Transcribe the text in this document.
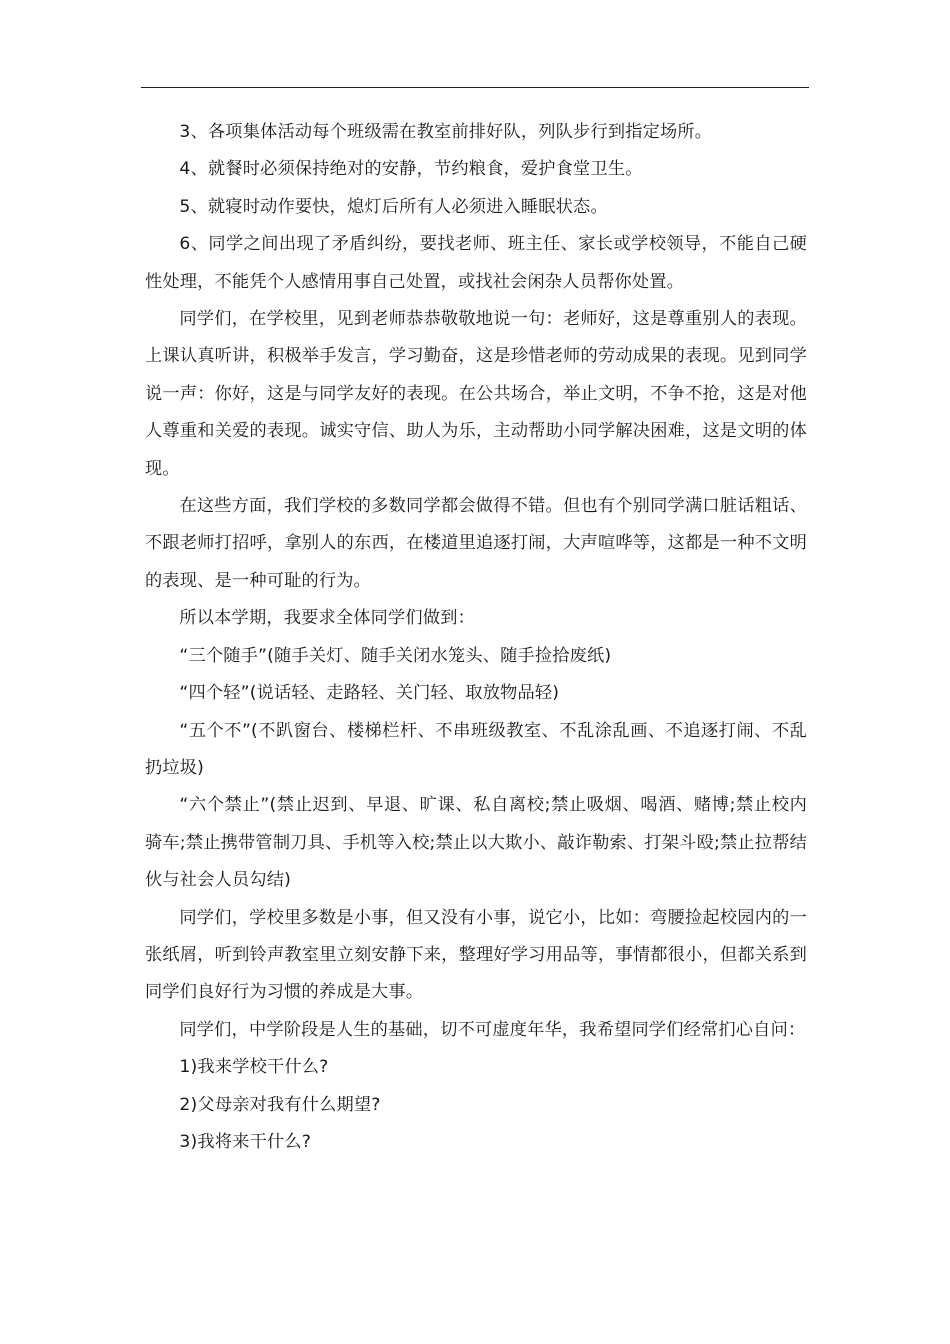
3、各项集体活动每个班级需在教室前排好队，列队步行到指定场所。

4、就餐时必须保持绝对的安静，节约粮食，爱护食堂卫生。

5、就寝时动作要快，熄灯后所有人必须进入睡眠状态。

6、同学之间出现了矛盾纠纷，要找老师、班主任、家长或学校领导，不能自己硬性处理，不能凭个人感情用事自己处置，或找社会闲杂人员帮你处置。

同学们，在学校里，见到老师恭恭敬敬地说一句：老师好，这是尊重别人的表现。上课认真听讲，积极举手发言，学习勤奋，这是珍惜老师的劳动成果的表现。见到同学说一声：你好，这是与同学友好的表现。在公共场合，举止文明，不争不抢，这是对他人尊重和关爱的表现。诚实守信、助人为乐，主动帮助小同学解决困难，这是文明的体现。

在这些方面，我们学校的多数同学都会做得不错。但也有个别同学满口脏话粗话、不跟老师打招呼，拿别人的东西，在楼道里追逐打闹，大声喧哗等，这都是一种不文明的表现、是一种可耻的行为。

所以本学期，我要求全体同学们做到：

“三个随手”(随手关灯、随手关闭水笼头、随手捡拾废纸)

“四个轻”(说话轻、走路轻、关门轻、取放物品轻)

“五个不”(不趴窗台、楼梯栏杆、不串班级教室、不乱涂乱画、不追逐打闹、不乱扔垃圾)

“六个禁止”(禁止迟到、早退、旷课、私自离校;禁止吸烟、喝酒、赌博;禁止校内骑车;禁止携带管制刀具、手机等入校;禁止以大欺小、敲诈勒索、打架斗殴;禁止拉帮结伙与社会人员勾结)

同学们，学校里多数是小事，但又没有小事，说它小，比如：弯腰捡起校园内的一张纸屑，听到铃声教室里立刻安静下来，整理好学习用品等，事情都很小，但都关系到同学们良好行为习惯的养成是大事。

同学们，中学阶段是人生的基础，切不可虚度年华，我希望同学们经常扪心自问：

1)我来学校干什么?

2)父母亲对我有什么期望?

3)我将来干什么?
